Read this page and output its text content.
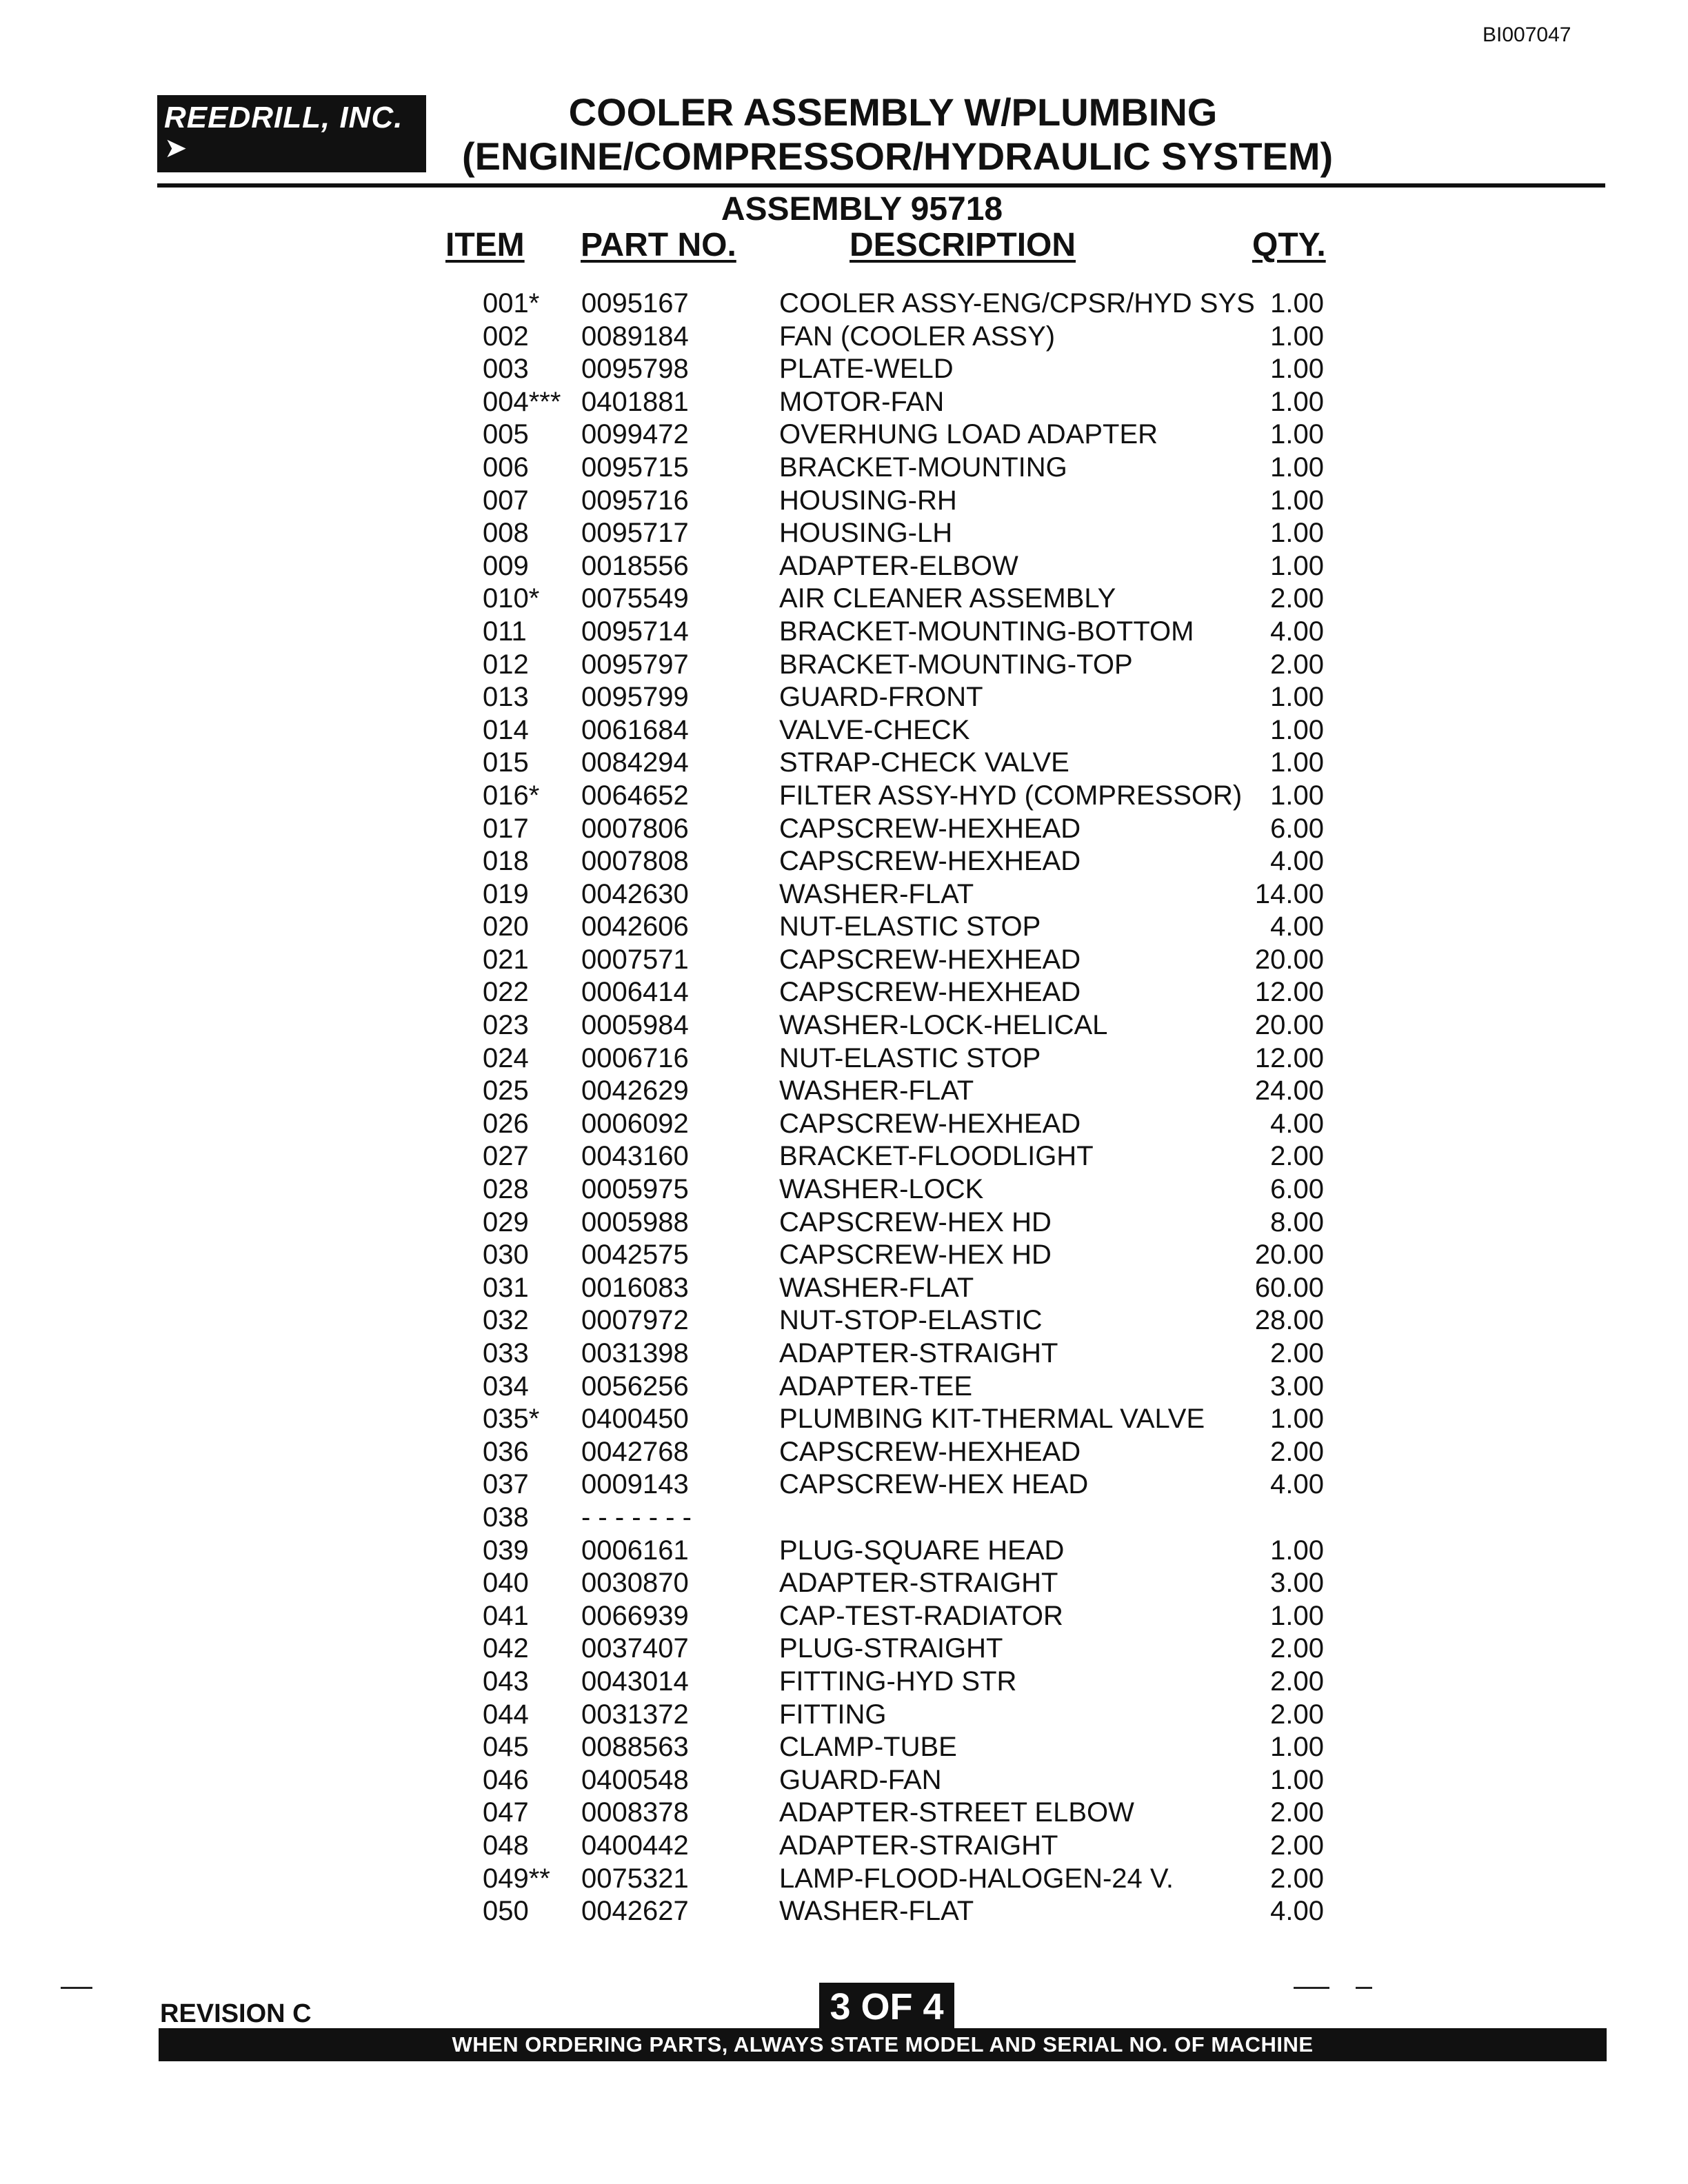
BI007047
REEDRILL, INC.
➤
COOLER ASSEMBLY W/PLUMBING
(ENGINE/COMPRESSOR/HYDRAULIC SYSTEM)
ASSEMBLY 95718
ITEM PART NO.	DESCRIPTION	QTY.
001* 0095167	COOLER ASSY-ENG/CPSR/HYD SYS 1.00
002 0089184	FAN (COOLER ASSY)	1.00
003 0095798	PLATE-WELD	1.00
004*** 0401881	MOTOR-FAN	1.00
005 0099472	OVERHUNG LOAD ADAPTER	1.00
006 0095715	BRACKET-MOUNTING	1.00
007 0095716	HOUSING-RH	1.00
008 0095717	HOUSING-LH	1.00
009 0018556	ADAPTER-ELBOW	1.00
010* 0075549	AIR CLEANER ASSEMBLY	2.00
011 0095714	BRACKET-MOUNTING-BOTTOM	4.00
012 0095797	BRACKET-MOUNTING-TOP	2.00
013 0095799	GUARD-FRONT	1.00
014 0061684	VALVE-CHECK	1.00
015 0084294	STRAP-CHECK VALVE	1.00
016* 0064652	FILTER ASSY-HYD (COMPRESSOR)	1.00
017 0007806	CAPSCREW-HEXHEAD	6.00
018 0007808	CAPSCREW-HEXHEAD	4.00
019 0042630	WASHER-FLAT	14.00
020 0042606	NUT-ELASTIC STOP	4.00
021 0007571	CAPSCREW-HEXHEAD	20.00
022 0006414	CAPSCREW-HEXHEAD	12.00
023 0005984	WASHER-LOCK-HELICAL	20.00
024 0006716	NUT-ELASTIC STOP	12.00
025 0042629	WASHER-FLAT	24.00
026 0006092	CAPSCREW-HEXHEAD	4.00
027 0043160	BRACKET-FLOODLIGHT	2.00
028 0005975	WASHER-LOCK	6.00
029 0005988	CAPSCREW-HEX HD	8.00
030 0042575	CAPSCREW-HEX HD	20.00
031 0016083	WASHER-FLAT	60.00
032 0007972	NUT-STOP-ELASTIC	28.00
033 0031398	ADAPTER-STRAIGHT	2.00
034 0056256	ADAPTER-TEE	3.00
035* 0400450	PLUMBING KIT-THERMAL VALVE	1.00
036 0042768	CAPSCREW-HEXHEAD	2.00
037 0009143	CAPSCREW-HEX HEAD	4.00
038 - - - - - - -
039 0006161	PLUG-SQUARE HEAD	1.00
040 0030870	ADAPTER-STRAIGHT	3.00
041 0066939	CAP-TEST-RADIATOR	1.00
042 0037407	PLUG-STRAIGHT	2.00
043 0043014	FITTING-HYD STR	2.00
044 0031372	FITTING	2.00
045 0088563	CLAMP-TUBE	1.00
046 0400548	GUARD-FAN	1.00
047 0008378	ADAPTER-STREET ELBOW	2.00
048 0400442	ADAPTER-STRAIGHT	2.00
049** 0075321	LAMP-FLOOD-HALOGEN-24 V.	2.00
050 0042627	WASHER-FLAT	4.00
REVISION C	3 OF 4
WHEN ORDERING PARTS, ALWAYS STATE MODEL AND SERIAL NO. OF MACHINE
